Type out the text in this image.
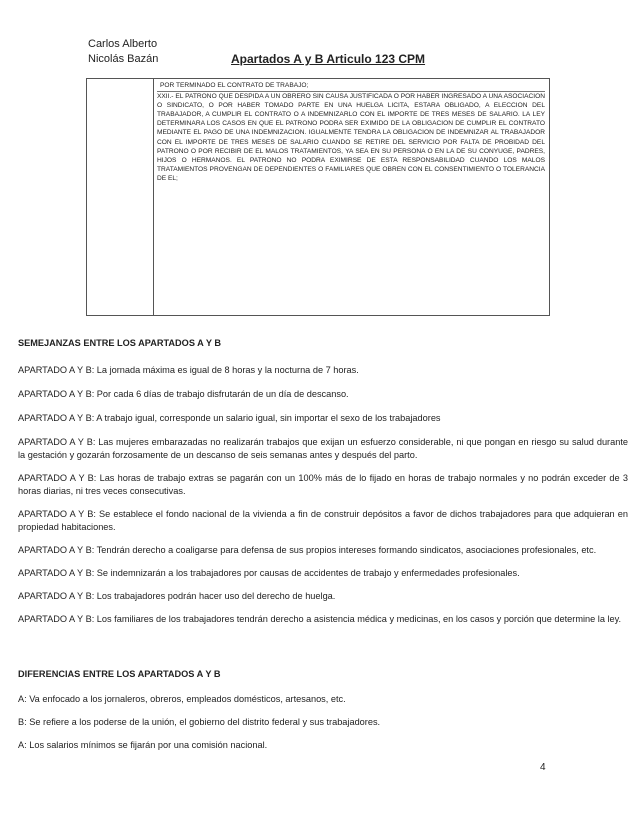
Carlos Alberto
Nicolás Bazán	Apartados A y B Articulo 123 CPM

POR TERMINADO EL CONTRATO DE TRABAJO;

XXII.- EL PATRONO QUE DESPIDA A UN OBRERO SIN CAUSA JUSTIFICADA O POR HABER INGRESADO A UNA ASOCIACION O SINDICATO, O POR HABER TOMADO PARTE EN UNA HUELGA LICITA, ESTARA OBLIGADO, A ELECCION DEL TRABAJADOR, A CUMPLIR EL CONTRATO O A INDEMNIZARLO CON EL IMPORTE DE TRES MESES DE SALARIO. LA LEY DETERMINARA LOS CASOS EN QUE EL PATRONO PODRA SER EXIMIDO DE LA OBLIGACION DE CUMPLIR EL CONTRATO MEDIANTE EL PAGO DE UNA INDEMNIZACION. IGUALMENTE TENDRA LA OBLIGACION DE INDEMNIZAR AL TRABAJADOR CON EL IMPORTE DE TRES MESES DE SALARIO CUANDO SE RETIRE DEL SERVICIO POR FALTA DE PROBIDAD DEL PATRONO O POR RECIBIR DE EL MALOS TRATAMIENTOS, YA SEA EN SU PERSONA O EN LA DE SU CONYUGE, PADRES, HIJOS O HERMANOS. EL PATRONO NO PODRA EXIMIRSE DE ESTA RESPONSABILIDAD CUANDO LOS MALOS TRATAMIENTOS PROVENGAN DE DEPENDIENTES O FAMILIARES QUE OBREN CON EL CONSENTIMIENTO O TOLERANCIA DE EL;

SEMEJANZAS ENTRE LOS APARTADOS A Y B

APARTADO A Y B: La jornada máxima es igual de 8 horas y la nocturna de 7 horas.

APARTADO A Y B: Por cada 6 días de trabajo disfrutarán de un día de descanso.

APARTADO A Y B: A trabajo igual, corresponde un salario igual, sin importar el sexo de los trabajadores

APARTADO A Y B: Las mujeres embarazadas no realizarán trabajos que exijan un esfuerzo considerable, ni que pongan en riesgo su salud durante la gestación y gozarán forzosamente de un descanso de seis semanas antes y después del parto.

APARTADO A Y B: Las horas de trabajo extras se pagarán con un 100% más de lo fijado en horas de trabajo normales y no podrán exceder de 3 horas diarias, ni tres veces consecutivas.

APARTADO A Y B: Se establece el fondo nacional de la vivienda a fin de construir depósitos a favor de dichos trabajadores para que adquieran en propiedad habitaciones.

APARTADO A Y B: Tendrán derecho a coaligarse para defensa de sus propios intereses formando sindicatos, asociaciones profesionales, etc.

APARTADO A Y B: Se indemnizarán a los trabajadores por causas de accidentes de trabajo y enfermedades profesionales.

APARTADO A Y B: Los trabajadores podrán hacer uso del derecho de huelga.

APARTADO A Y B: Los familiares de los trabajadores tendrán derecho a asistencia médica y medicinas, en los casos y porción que determine la ley.

DIFERENCIAS ENTRE LOS APARTADOS A Y B

A: Va enfocado a los jornaleros, obreros, empleados domésticos, artesanos, etc.

B: Se refiere a los poderse de la unión, el gobierno del distrito federal y sus trabajadores.

A: Los salarios mínimos se fijarán por una comisión nacional.

4
